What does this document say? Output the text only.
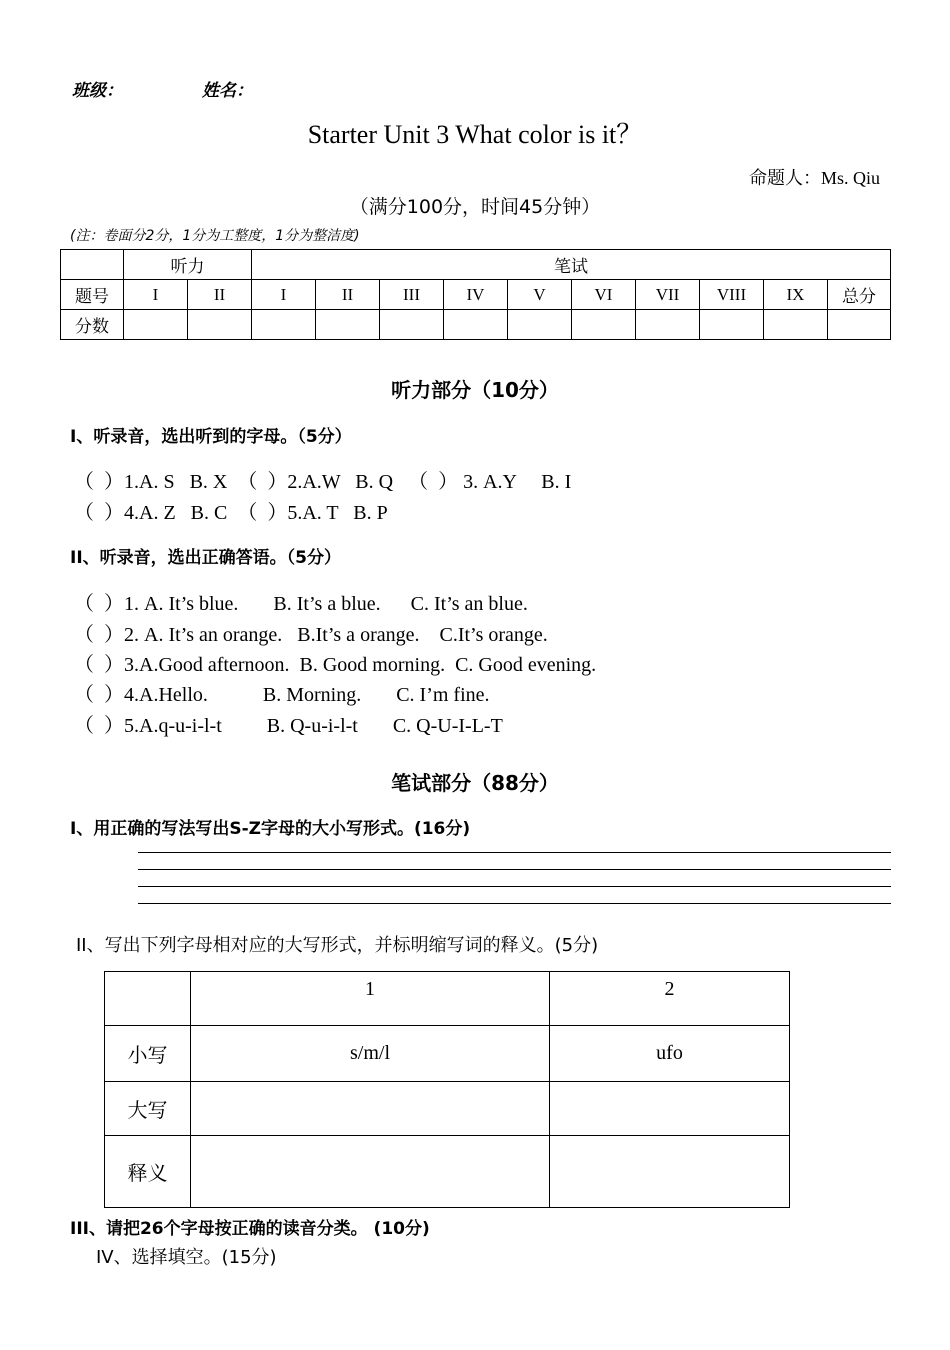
班级：	姓名：
Starter Unit 3 What color is it？
命题人：Ms. Qiu
（满分100分，时间45分钟）
(注：卷面分2分，1分为工整度，1分为整洁度)
	听力		笔试									
题号	I	II	I	II	III	IV	V	VI	VII	VIII	IX	总分
分数												
听力部分（10分）
I、听录音，选出听到的字母。（5分）
（  ）1.A. S   B. X  （  ）2.A.W   B. Q   （  ） 3. A.Y     B. I
（  ）4.A. Z   B. C  （  ）5.A. T   B. P
II、听录音，选出正确答语。（5分）
（  ）1. A. It’s blue.       B. It’s a blue.      C. It’s an blue.
（  ）2. A. It’s an orange.   B.It’s a orange.    C.It’s orange.
（  ）3.A.Good afternoon.  B. Good morning.  C. Good evening.
（  ）4.A.Hello.           B. Morning.       C. I’m fine.
（  ）5.A.q-u-i-l-t         B. Q-u-i-l-t       C. Q-U-I-L-T
笔试部分（88分）
I、用正确的写法写出S-Z字母的大小写形式。(16分)
II、写出下列字母相对应的大写形式，并标明缩写词的释义。(5分)
	1	2
小写	s/m/l	ufo
大写		
释义		
III、请把26个字母按正确的读音分类。 (10分)
IV、选择填空。(15分)
